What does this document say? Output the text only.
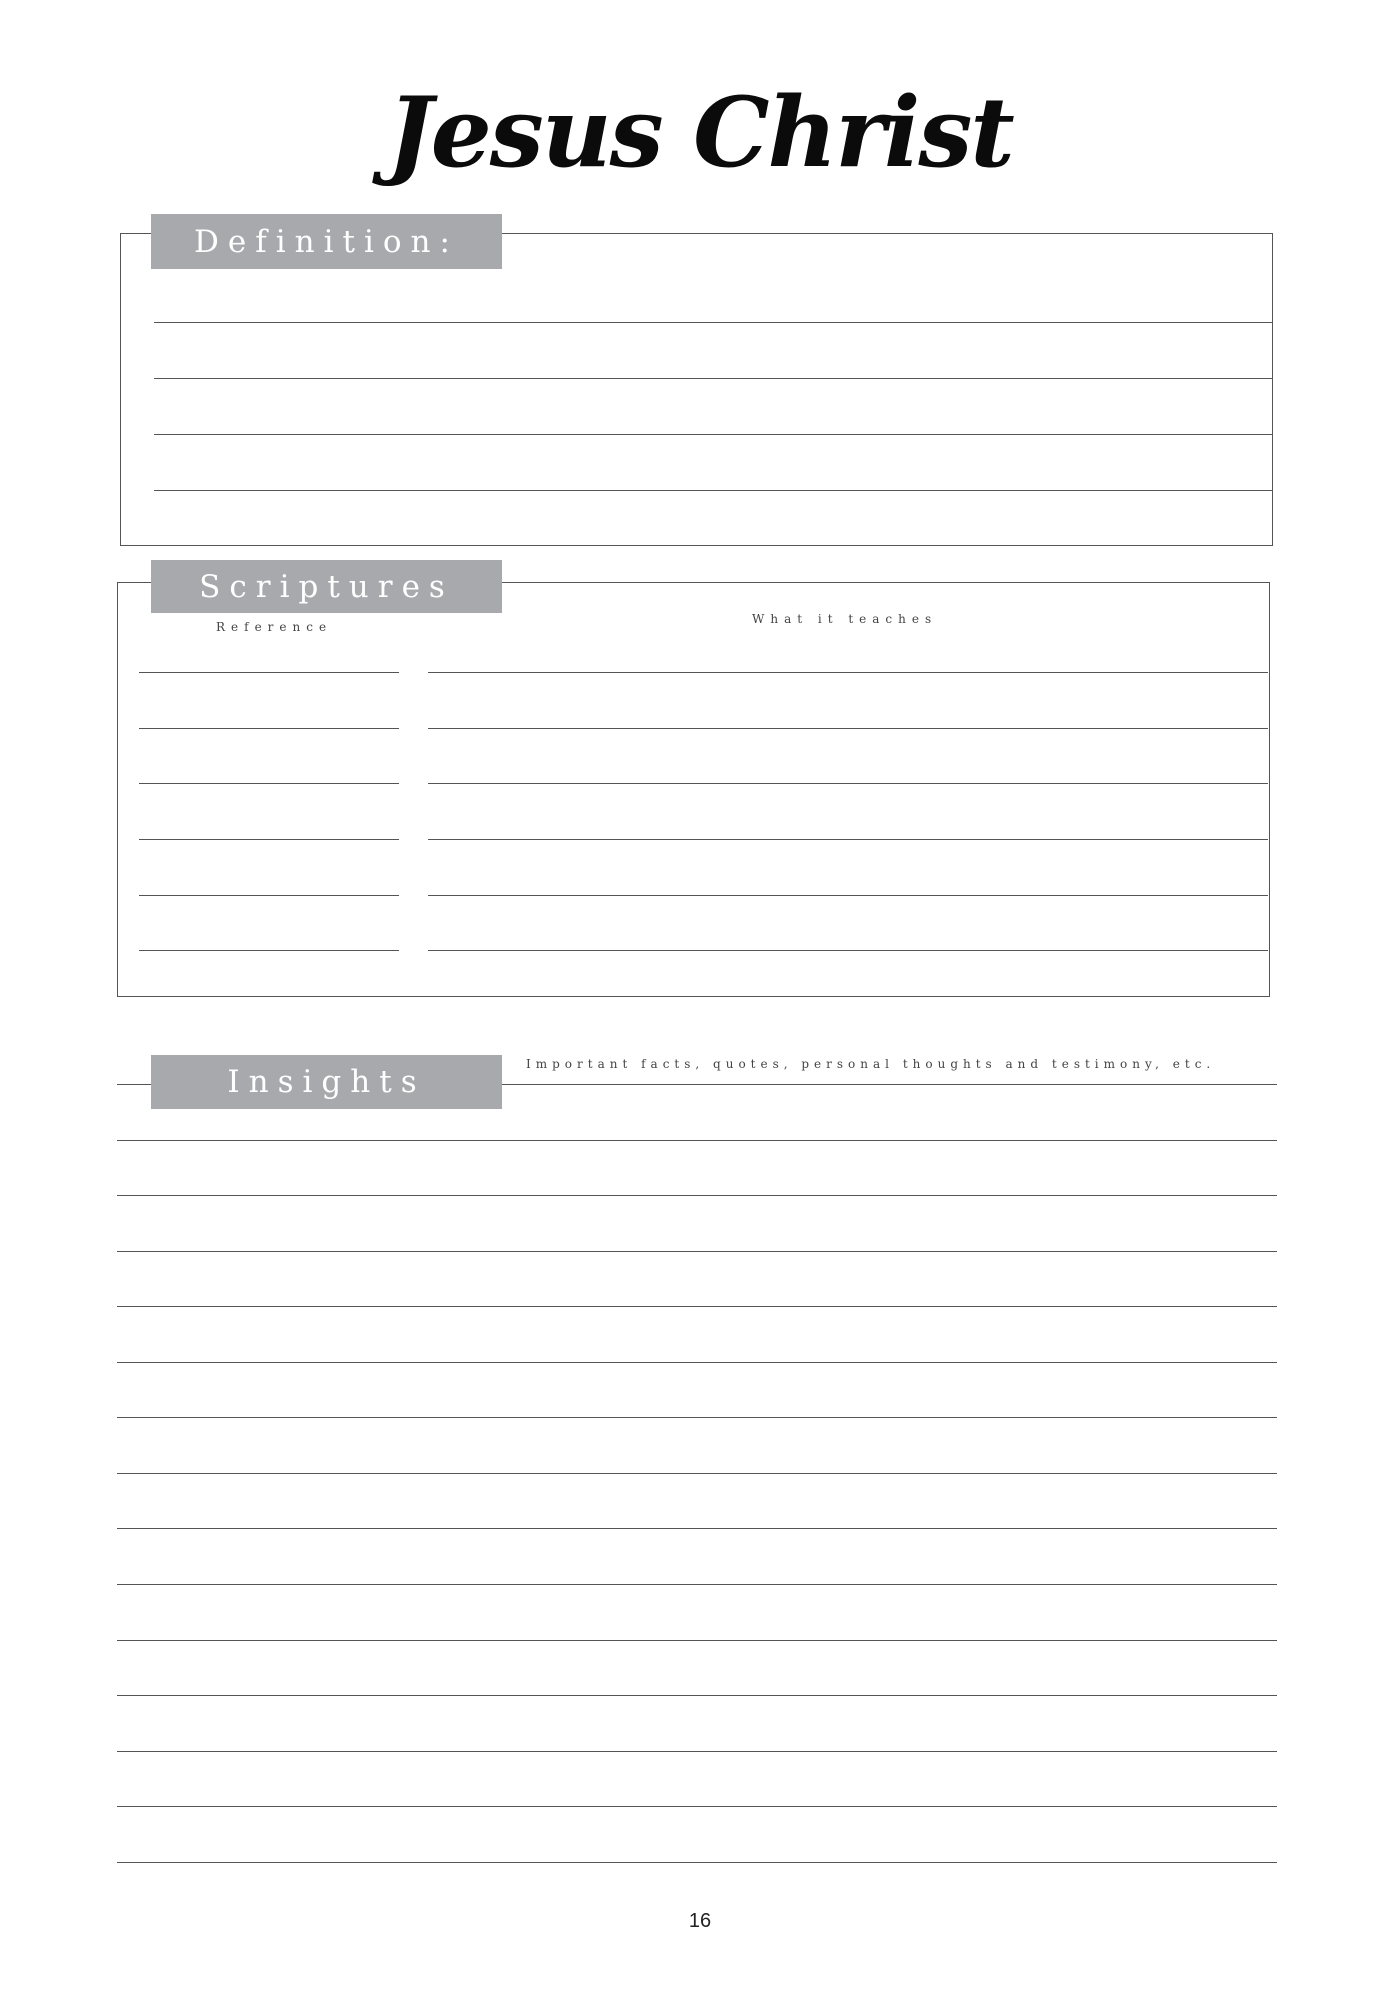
Jesus Christ
Definition:
Scriptures
Reference
What it teaches
Insights	Important facts, quotes, personal thoughts and testimony, etc.
16
